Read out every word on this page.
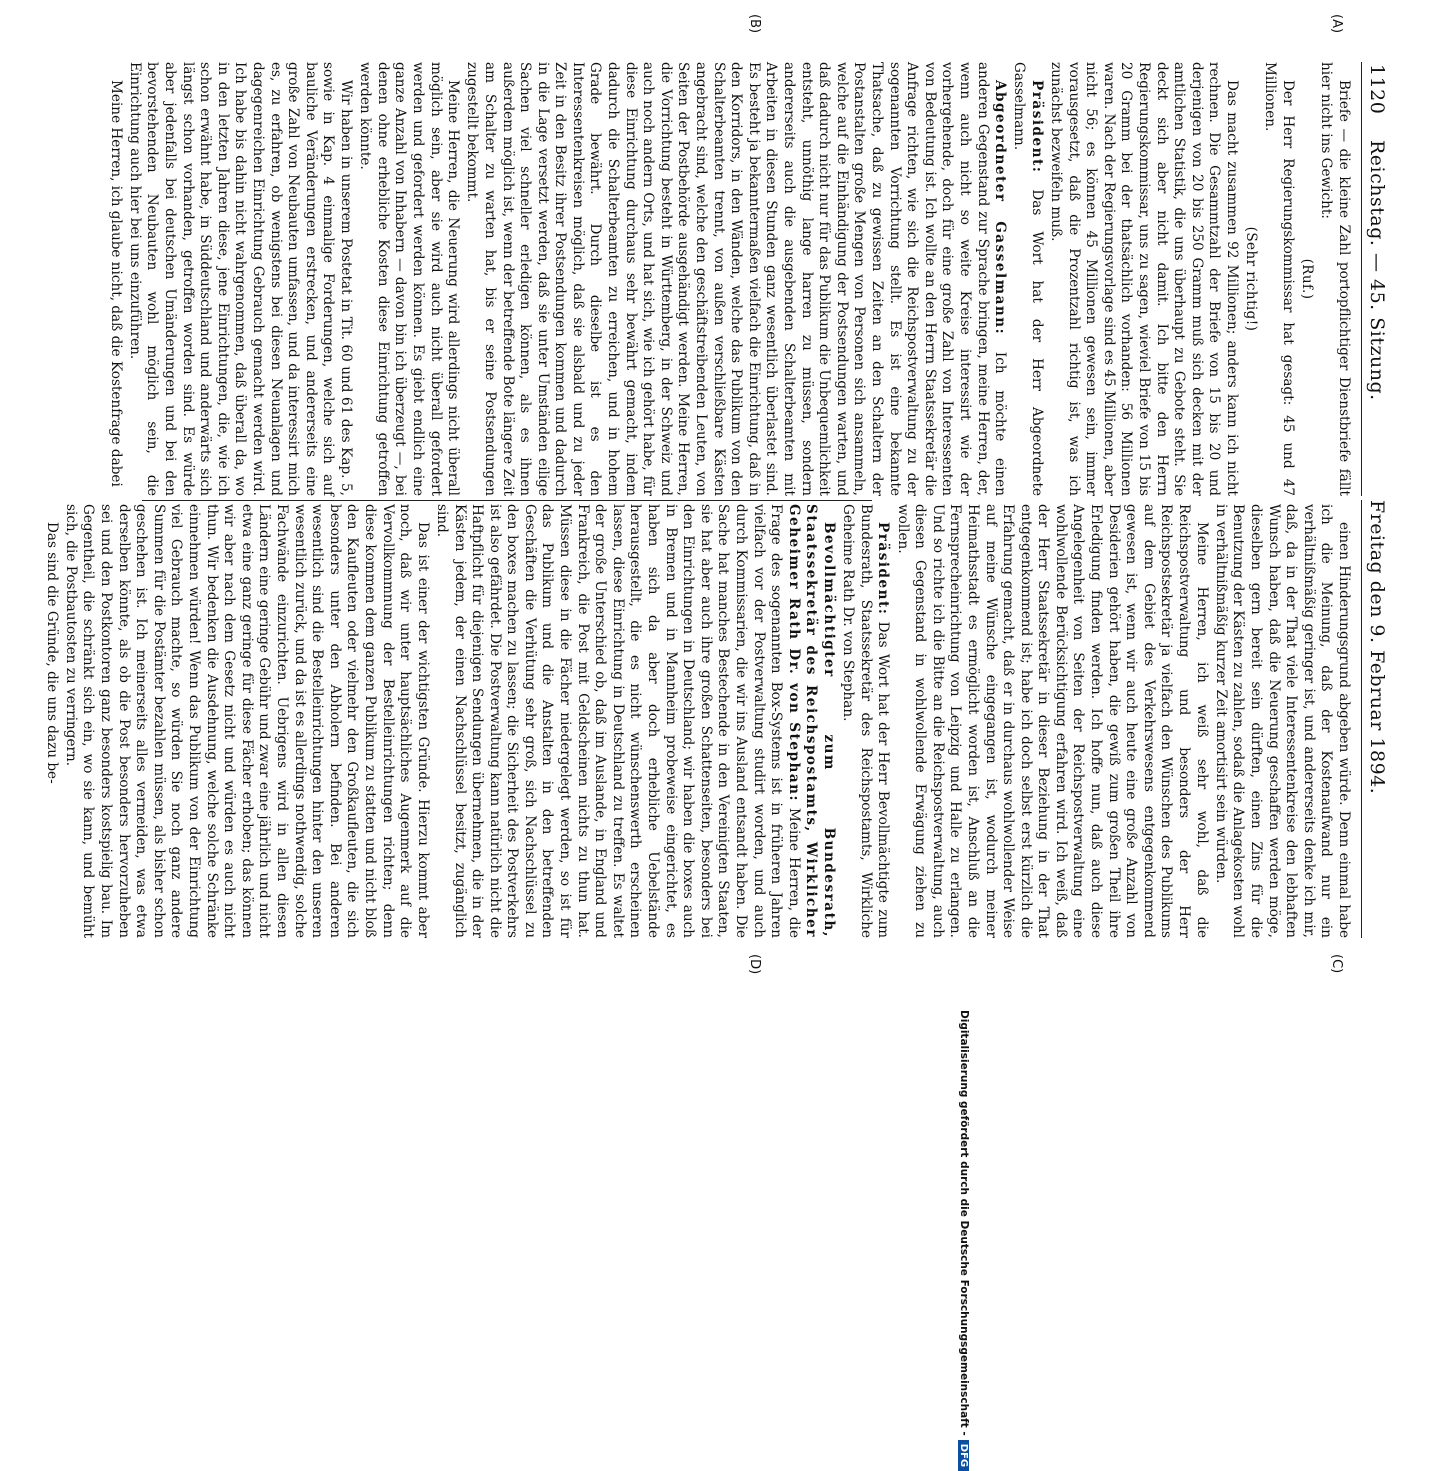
1120
Reichstag. — 45. Sitzung.
Freitag den 9. Februar 1894.
(A)
(B)
(C)
(D)

Briefe — die kleine Zahl portopflichtiger Dienstbriefe fällt hier nicht ins Gewicht:

(Ruf.)

Der Herr Regierungskommissar hat gesagt: 45 und 47 Millionen.

(Sehr richtig!)

Das macht zusammen 92 Millionen; anders kann ich nicht rechnen. Die Gesammtzahl der Briefe von 15 bis 20 und derjenigen von 20 bis 250 Gramm muß sich decken mit der amtlichen Statistik, die uns überhaupt zu Gebote steht. Sie deckt sich aber nicht damit. Ich bitte den Herrn Regierungskommissar, uns zu sagen, wieviel Briefe von 15 bis 20 Gramm bei der thatsächlich vorhanden: 56 Millionen waren. Nach der Regierungsvorlage sind es 45 Millionen, aber nicht 56; es können 45 Millionen gewesen sein, immer vorausgesetzt, daß die Prozentzahl richtig ist, was ich zunächst bezweifeln muß.

Präsident: Das Wort hat der Herr Abgeordnete Gasselmann.

Abgeordneter Gasselmann: Ich möchte einen anderen Gegenstand zur Sprache bringen, meine Herren, der, wenn auch nicht so weite Kreise interessirt wie der vorhergehende, doch für eine große Zahl von Interessenten von Bedeutung ist. Ich wollte an den Herrn Staatssekretär die Anfrage richten, wie sich die Reichspostverwaltung zu der sogenannten Vorrichtung stellt. Es ist eine bekannte Thatsache, daß zu gewissen Zeiten an den Schaltern der Postanstalten große Mengen von Personen sich ansammeln, welche auf die Einhändigung der Postsendungen warten, und daß dadurch nicht nur für das Publikum die Unbequemlichkeit entsteht, unnöthig lange harren zu müssen, sondern andererseits auch die ausgebenden Schalterbeamten mit Arbeiten in diesen Stunden ganz wesentlich überlastet sind. Es besteht ja bekanntermaßen vielfach die Einrichtung, daß in den Korridors, in den Wänden, welche das Publikum von den Schalterbeamten trennt, von außen verschließbare Kästen angebracht sind, welche den geschäftstreibenden Leuten, von Seiten der Postbehörde ausgehändigt werden. Meine Herren, die Vorrichtung besteht in Württemberg, in der Schweiz und auch noch andern Orts, und hat sich, wie ich gehört habe, für diese Einrichtung durchaus sehr bewährt gemacht, indem dadurch die Schalterbeamten zu erreichen, und in hohem Grade bewährt. Durch dieselbe ist es den Interessentenkreisen möglich, daß sie alsbald und zu jeder Zeit in den Besitz ihrer Postsendungen kommen und dadurch in die Lage versetzt werden, daß sie unter Umständen eilige Sachen viel schneller erledigen können, als es ihnen außerdem möglich ist, wenn der betreffende Bote längere Zeit am Schalter zu warten hat, bis er seine Postsendungen zugestellt bekommt.

Meine Herren, die Neuerung wird allerdings nicht überall möglich sein, aber sie wird auch nicht überall gefordert werden und gefordert werden können. Es giebt endlich eine ganze Anzahl von Inhabern — davon bin ich überzeugt —, bei denen ohne erhebliche Kosten diese Einrichtung getroffen werden könnte.

Wir haben in unserem Postetat in Tit. 60 und 61 des Kap. 5, sowie in Kap. 4 einmalige Forderungen, welche sich auf bauliche Veränderungen erstrecken, und andererseits eine große Zahl von Neubauten umfassen, und da interessirt mich es, zu erfahren, ob wenigstens bei diesen Neuanlagen und dagegenreichen Einrichtung Gebrauch gemacht werden wird. Ich habe bis dahin nicht wahrgenommen, daß überall da, wo in den letzten Jahren diese, jene Einrichtungen, die, wie ich schon erwähnt habe, in Süddeutschland und anderwärts sich längst schon vorhanden, getroffen worden sind. Es würde aber jedenfalls bei deutschen Umänderungen und bei den bevorstehenden Neubauten wohl möglich sein, die Einrichtung auch hier bei uns einzuführen.

Meine Herren, ich glaube nicht, daß die Kostenfrage dabei

einen Hinderungsgrund abgeben würde. Denn einmal habe ich die Meinung, daß der Kostenaufwand nur ein verhältnißmäßig geringer ist, und andererseits denke ich mir, daß, da in der That viele Interessentenkreise den lebhaften Wunsch haben, daß die Neuerung geschaffen werden möge, dieselben gern bereit sein dürften, einen Zins für die Benutzung der Kästen zu zahlen, sodaß die Anlagekosten wohl in verhältnißmäßig kurzer Zeit amortisirt sein würden.

Meine Herren, ich weiß sehr wohl, daß die Reichspostverwaltung und besonders der Herr Reichspostsekretär ja vielfach den Wünschen des Publikums auf dem Gebiet des Verkehrswesens entgegenkommend gewesen ist, wenn wir auch heute eine große Anzahl von Desiderien gehört haben, die gewiß zum großen Theil ihre Erledigung finden werden. Ich hoffe nun, daß auch diese Angelegenheit von Seiten der Reichspostverwaltung eine wohlwollende Berücksichtigung erfahren wird. Ich weiß, daß der Herr Staatssekretär in dieser Beziehung in der That entgegenkommend ist; habe ich doch selbst erst kürzlich die Erfahrung gemacht, daß er in durchaus wohlwollender Weise auf meine Wünsche eingegangen ist, wodurch meiner Heimathsstadt es ermöglicht worden ist, Anschluß an die Fernsprecheinrichtung von Leipzig und Halle zu erlangen. Und so richte ich die Bitte an die Reichspostverwaltung, auch diesen Gegenstand in wohlwollende Erwägung ziehen zu wollen.

Präsident: Das Wort hat der Herr Bevollmächtigte zum Bundesrath, Staatssekretär des Reichspostamts, Wirkliche Geheime Rath Dr. von Stephan.

Bevollmächtigter zum Bundesrath, Staatssekretär des Reichspostamts, Wirklicher Geheimer Rath Dr. von Stephan: Meine Herren, die Frage des sogenannten Box-Systems ist in früheren Jahren vielfach vor der Postverwaltung studirt worden, und auch durch Kommissarien, die wir ins Ausland entsandt haben. Die Sache hat manches Bestechende in den Vereinigten Staaten, sie hat aber auch ihre großen Schattenseiten, besonders bei den Einrichtungen in Deutschland; wir haben die boxes auch in Bremen und in Mannheim probeweise eingerichtet, es haben sich da aber doch erhebliche Uebelstände herausgestellt, die es nicht wünschenswerth erscheinen lassen, diese Einrichtung in Deutschland zu treffen. Es waltet der große Unterschied ob, daß im Auslande, in England und Frankreich, die Post mit Geldscheinen nichts zu thun hat. Müssen diese in die Fächer niedergelegt werden, so ist für das Publikum und die Anstalten in den betreffenden Geschäften die Verhütung sehr groß, sich Nachschlüssel zu den boxes machen zu lassen; die Sicherheit des Postverkehrs ist also gefährdet. Die Postverwaltung kann natürlich nicht die Haftpflicht für diejenigen Sendungen übernehmen, die in der Kästen jedem, der einen Nachschlüssel besitzt, zugänglich sind.

Das ist einer der wichtigsten Gründe. Hierzu kommt aber noch, daß wir unter hauptsächliches Augenmerk auf die Vervollkommnung der Bestelleinrichtungen richten; denn diese kommen dem ganzen Publikum zu statten und nicht bloß den Kaufleuten oder vielmehr den Großkaufleuten, die sich besonders unter den Abholern befinden. Bei anderen wesentlich sind die Bestelleinrichtungen hinter den unseren wesentlich zurück, und da ist es allerdings nothwendig, solche Fachwände einzurichten. Uebrigens wird in allen diesen Ländern eine geringe Gebühr und zwar eine jährlich und nicht etwa eine ganz geringe für diese Fächer erhoben; das können wir aber nach dem Gesetz nicht und würden es auch nicht thun. Wir bedenken die Ausdehnung, welche solche Schränke einnehmen würden! Wenn das Publikum von der Einrichtung viel Gebrauch machte, so würden Sie noch ganz andere Summen für die Postämter bezahlen müssen, als bisher schon geschehen ist. Ich meinerseits alles vermeiden, was etwa derselben könnte, als ob die Post besonders hervorzuheben sei und den Postkontoren ganz besonders kostspielig bau. Im Gegentheil, die schränkt sich ein, wo sie kann, und bemüht sich, die Postbautosten zu verringern.

Das sind die Gründe, die uns dazu be-

Digitalisierung gefördert durch die Deutsche Forschungsgemeinschaft -DFG
